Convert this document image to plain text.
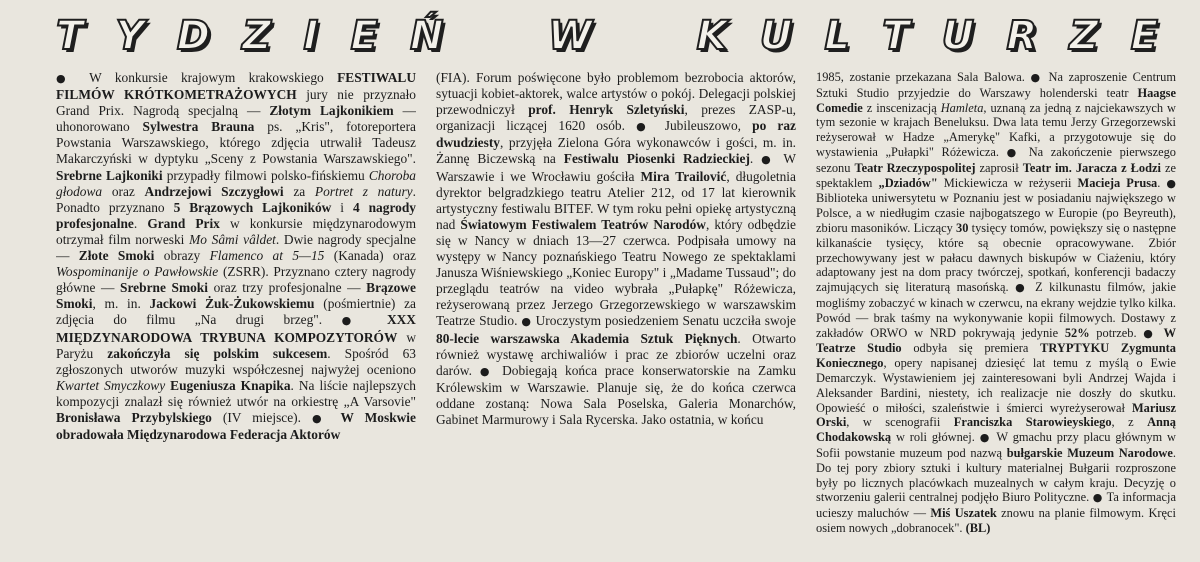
T Y D Z I E Ń	W	K U L T U R Z E

● W konkursie krajowym krakowskiego FESTIWALU FILMÓW KRÓTKOMETRAŻOWYCH jury nie przyznało Grand Prix. Nagrodą specjalną — Złotym Lajkonikiem — uhonorowano Sylwestra Brauna ps. „Kris", fotoreportera Powstania Warszawskiego, którego zdjęcia utrwalił Tadeusz Makarczyński w dyptyku „Sceny z Powstania Warszawskiego". Srebrne Lajkoniki przypadły filmowi polsko-fińskiemu Choroba głodowa oraz Andrzejowi Szczygłowi za Portret z natury. Ponadto przyznano 5 Brązowych Lajkoników i 4 nagrody profesjonalne. Grand Prix w konkursie międzynarodowym otrzymał film norweski Mo Sâmi vâldet. Dwie nagrody specjalne — Złote Smoki obrazy Flamenco at 5—15 (Kanada) oraz Wospominanije o Pawłowskie (ZSRR). Przyznano cztery nagrody główne — Srebrne Smoki oraz trzy profesjonalne — Brązowe Smoki, m. in. Jackowi Żuk-Żukowskiemu (pośmiertnie) za zdjęcia do filmu „Na drugi brzeg". ● XXX MIĘDZYNARODOWA TRYBUNA KOMPOZYTORÓW w Paryżu zakończyła się polskim sukcesem. Spośród 63 zgłoszonych utworów muzyki współczesnej najwyżej oceniono Kwartet Smyczkowy Eugeniusza Knapika. Na liście najlepszych kompozycji znalazł się również utwór na orkiestrę „A Varsovie" Bronisława Przybylskiego (IV miejsce). ● W Moskwie obradowała Międzynarodowa Federacja Aktorów

(FIA). Forum poświęcone było problemom bezrobocia aktorów, sytuacji kobiet-aktorek, walce artystów o pokój. Delegacji polskiej przewodniczył prof. Henryk Szletyński, prezes ZASP-u, organizacji liczącej 1620 osób. ● Jubileuszowo, po raz dwudziesty, przyjęła Zielona Góra wykonawców i gości, m. in. Żannę Biczewską na Festiwalu Piosenki Radzieckiej. ● W Warszawie i we Wrocławiu gościła Mira Trailović, długoletnia dyrektor belgradzkiego teatru Atelier 212, od 17 lat kierownik artystyczny festiwalu BITEF. W tym roku pełni opiekę artystyczną nad Światowym Festiwalem Teatrów Narodów, który odbędzie się w Nancy w dniach 13—27 czerwca. Podpisała umowy na występy w Nancy poznańskiego Teatru Nowego ze spektaklami Janusza Wiśniewskiego „Koniec Europy" i „Madame Tussaud"; do przeglądu teatrów na video wybrała „Pułapkę" Różewicza, reżyserowaną przez Jerzego Grzegorzewskiego w warszawskim Teatrze Studio. ● Uroczystym posiedzeniem Senatu uczciła swoje 80-lecie warszawska Akademia Sztuk Pięknych. Otwarto również wystawę archiwaliów i prac ze zbiorów uczelni oraz darów. ● Dobiegają końca prace konserwatorskie na Zamku Królewskim w Warszawie. Planuje się, że do końca czerwca oddane zostaną: Nowa Sala Poselska, Galeria Monarchów, Gabinet Marmurowy i Sala Rycerska. Jako ostatnia, w końcu

1985, zostanie przekazana Sala Balowa. ● Na zaproszenie Centrum Sztuki Studio przyjedzie do Warszawy holenderski teatr Haagse Comedie z inscenizacją Hamleta, uznaną za jedną z najciekawszych w tym sezonie w krajach Beneluksu. Dwa lata temu Jerzy Grzegorzewski reżyserował w Hadze „Amerykę" Kafki, a przygotowuje się do wystawienia „Pułapki" Różewicza. ● Na zakończenie pierwszego sezonu Teatr Rzeczypospolitej zaprosił Teatr im. Jaracza z Łodzi ze spektaklem „Dziadów" Mickiewicza w reżyserii Macieja Prusa. ● Biblioteka uniwersytetu w Poznaniu jest w posiadaniu największego w Polsce, a w niedługim czasie najbogatszego w Europie (po Beyreuth), zbioru masoników. Liczący 30 tysięcy tomów, powiększy się o następne kilkanaście tysięcy, które są obecnie opracowywane. Zbiór przechowywany jest w pałacu dawnych biskupów w Ciażeniu, który adaptowany jest na dom pracy twórczej, spotkań, konferencji badaczy zajmujących się literaturą masońską. ● Z kilkunastu filmów, jakie mogliśmy zobaczyć w kinach w czerwcu, na ekrany wejdzie tylko kilka. Powód — brak taśmy na wykonywanie kopii filmowych. Dostawy z zakładów ORWO w NRD pokrywają jedynie 52% potrzeb. ● W Teatrze Studio odbyła się premiera TRYPTYKU Zygmunta Koniecznego, opery napisanej dziesięć lat temu z myślą o Ewie Demarczyk. Wystawieniem jej zainteresowani byli Andrzej Wajda i Aleksander Bardini, niestety, ich realizacje nie doszły do skutku. Opowieść o miłości, szaleństwie i śmierci wyreżyserował Mariusz Orski, w scenografii Franciszka Starowieyskiego, z Anną Chodakowską w roli głównej. ● W gmachu przy placu głównym w Sofii powstanie muzeum pod nazwą bułgarskie Muzeum Narodowe. Do tej pory zbiory sztuki i kultury materialnej Bułgarii rozproszone były po licznych placówkach muzealnych w całym kraju. Decyzję o stworzeniu galerii centralnej podjęło Biuro Polityczne. ● Ta informacja ucieszy maluchów — Miś Uszatek znowu na planie filmowym. Kręci osiem nowych „dobranocek". (BL)
